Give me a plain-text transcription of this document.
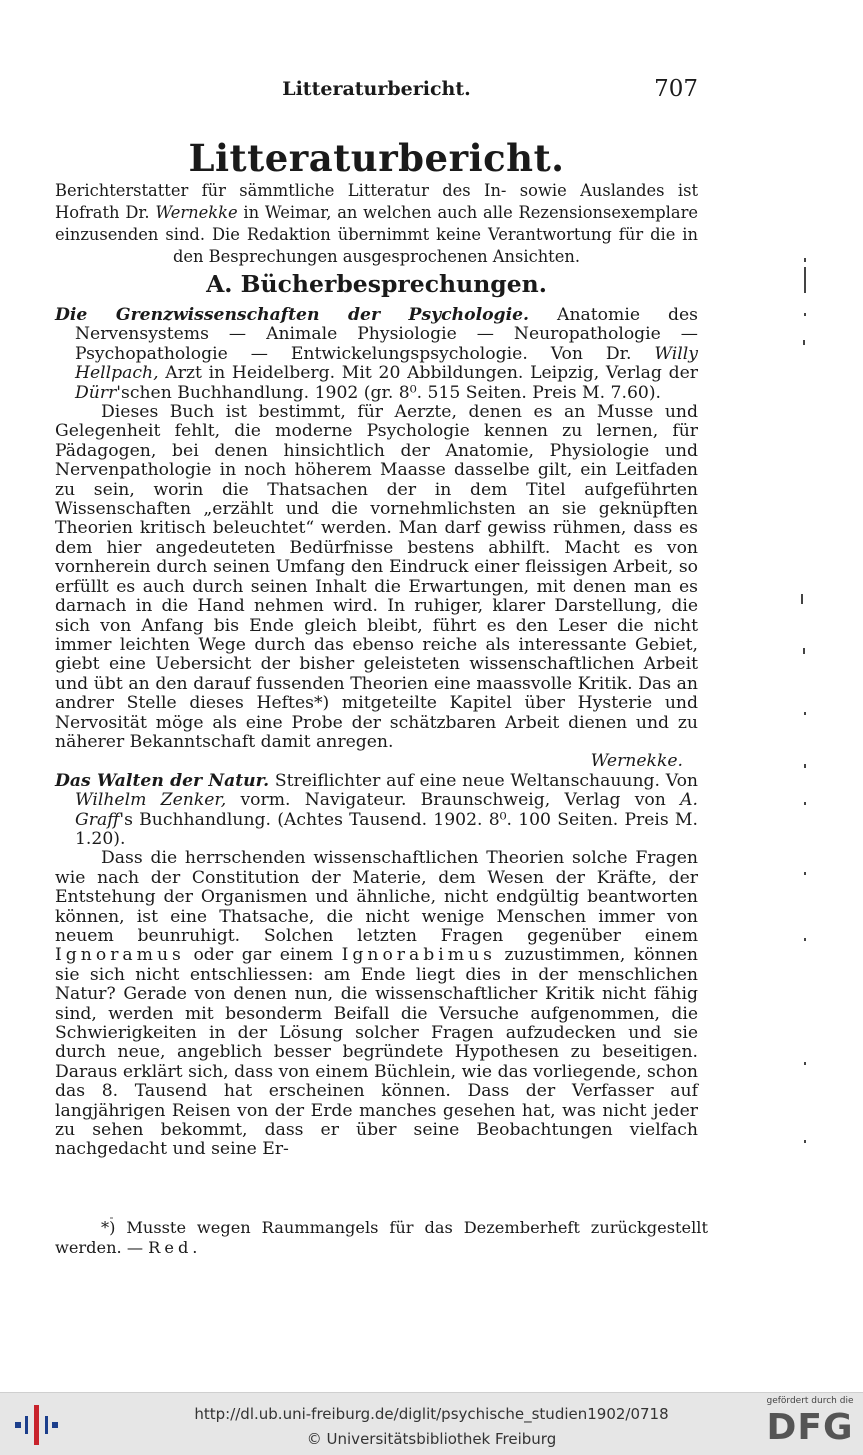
Litteraturbericht.	707
Litteraturbericht.
Berichterstatter für sämmtliche Litteratur des In- sowie Auslandes ist Hofrath Dr. Wernekke in Weimar, an welchen auch alle Rezensionsexemplare einzusenden sind. Die Redaktion übernimmt keine Verantwortung für die in den Besprechungen ausgesprochenen Ansichten.
A. Bücherbesprechungen.

Die Grenzwissenschaften der Psychologie. Anatomie des Nervensystems — Animale Physiologie — Neuropathologie — Psychopathologie — Entwickelungspsychologie. Von Dr. Willy Hellpach, Arzt in Heidelberg. Mit 20 Abbildungen. Leipzig, Verlag der Dürr'schen Buchhandlung. 1902 (gr. 8⁰. 515 Seiten. Preis M. 7.60).

Dieses Buch ist bestimmt, für Aerzte, denen es an Musse und Gelegenheit fehlt, die moderne Psychologie kennen zu lernen, für Pädagogen, bei denen hinsichtlich der Anatomie, Physiologie und Nervenpathologie in noch höherem Maasse dasselbe gilt, ein Leitfaden zu sein, worin die Thatsachen der in dem Titel aufgeführten Wissenschaften „erzählt und die vornehmlichsten an sie geknüpften Theorien kritisch beleuchtet“ werden. Man darf gewiss rühmen, dass es dem hier angedeuteten Bedürfnisse bestens abhilft. Macht es von vornherein durch seinen Umfang den Eindruck einer fleissigen Arbeit, so erfüllt es auch durch seinen Inhalt die Erwartungen, mit denen man es darnach in die Hand nehmen wird. In ruhiger, klarer Darstellung, die sich von Anfang bis Ende gleich bleibt, führt es den Leser die nicht immer leichten Wege durch das ebenso reiche als interessante Gebiet, giebt eine Uebersicht der bisher geleisteten wissenschaftlichen Arbeit und übt an den darauf fussenden Theorien eine maassvolle Kritik. Das an andrer Stelle dieses Heftes*) mitgeteilte Kapitel über Hysterie und Nervosität möge als eine Probe der schätzbaren Arbeit dienen und zu näherer Bekanntschaft damit anregen.

Wernekke.

Das Walten der Natur. Streiflichter auf eine neue Weltanschauung. Von Wilhelm Zenker, vorm. Navigateur. Braunschweig, Verlag von A. Graff's Buchhandlung. (Achtes Tausend. 1902. 8⁰. 100 Seiten. Preis M. 1.20).

Dass die herrschenden wissenschaftlichen Theorien solche Fragen wie nach der Constitution der Materie, dem Wesen der Kräfte, der Entstehung der Organismen und ähnliche, nicht endgültig beantworten können, ist eine Thatsache, die nicht wenige Menschen immer von neuem beunruhigt. Solchen letzten Fragen gegenüber einem Ignoramus oder gar einem Ignorabimus zuzustimmen, können sie sich nicht entschliessen: am Ende liegt dies in der menschlichen Natur? Gerade von denen nun, die wissenschaftlicher Kritik nicht fähig sind, werden mit besonderm Beifall die Versuche aufgenommen, die Schwierigkeiten in der Lösung solcher Fragen aufzudecken und sie durch neue, angeblich besser begründete Hypothesen zu beseitigen. Daraus erklärt sich, dass von einem Büchlein, wie das vorliegende, schon das 8. Tausend hat erscheinen können. Dass der Verfasser auf langjährigen Reisen von der Erde manches gesehen hat, was nicht jeder zu sehen bekommt, dass er über seine Beobachtungen vielfach nachgedacht und seine Er-

*) Musste wegen Raummangels für das Dezemberheft zurückgestellt werden. — Red.

http://dl.ub.uni-freiburg.de/diglit/psychische_studien1902/0718
© Universitätsbibliothek Freiburg
gefördert durch die
DFG
